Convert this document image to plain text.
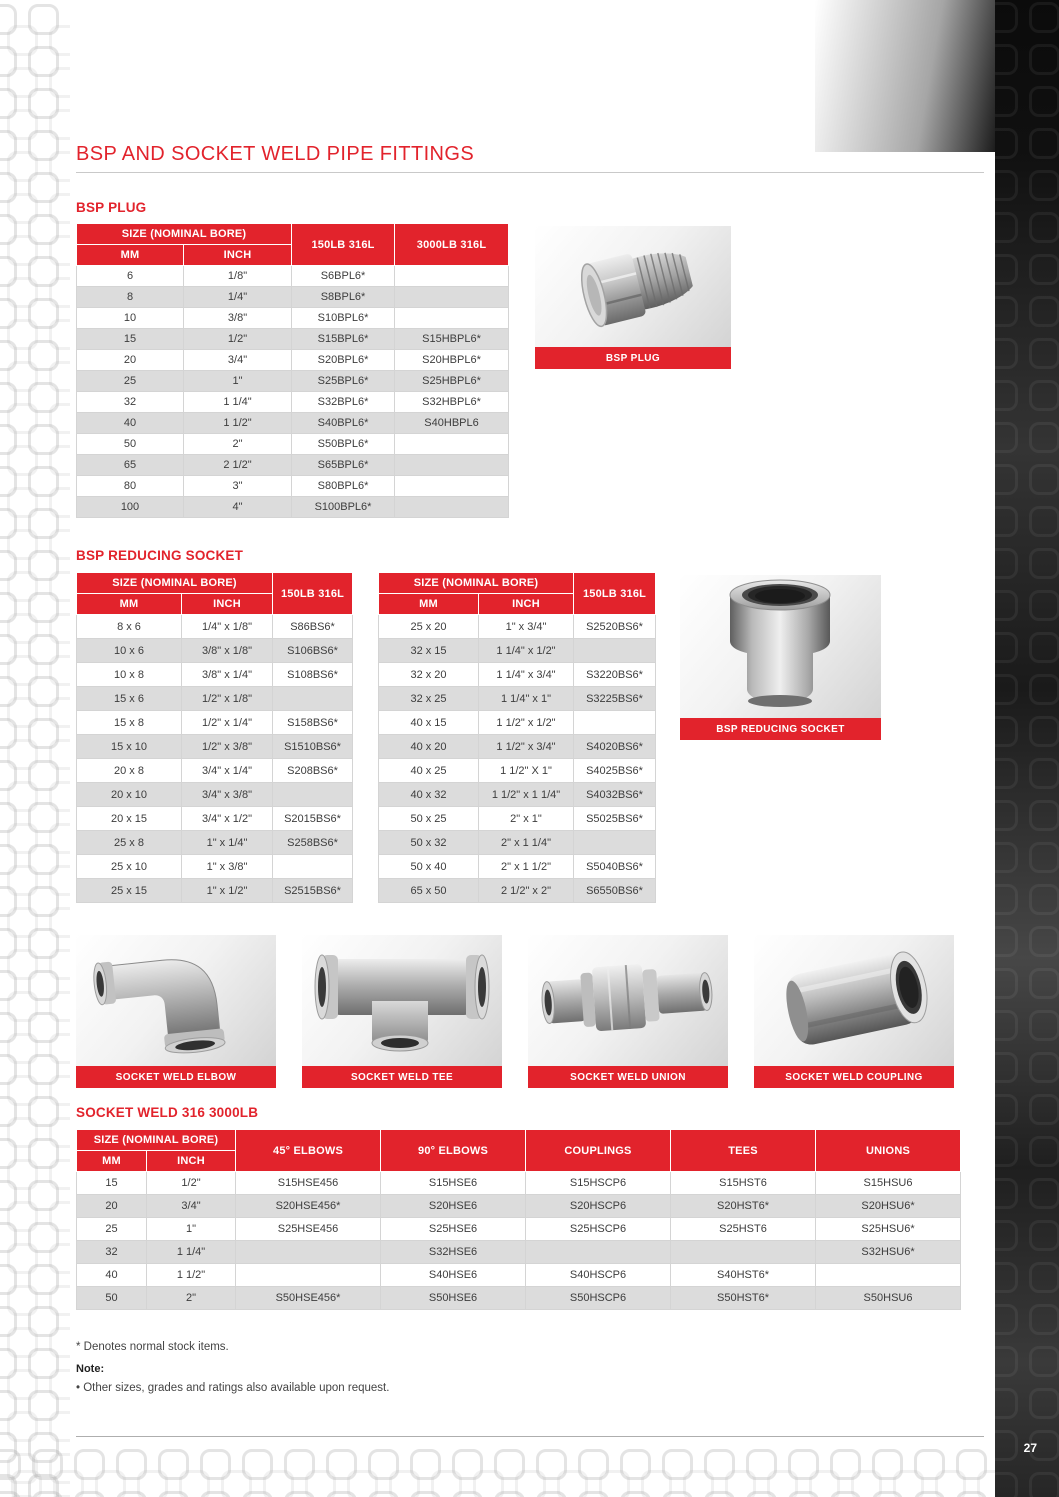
27
BSP AND SOCKET WELD PIPE FITTINGS
BSP PLUG
SIZE (NOMINAL BORE)		150LB 316L	3000LB 316L
MM	INCH		
6	1/8"	S6BPL6*	
8	1/4"	S8BPL6*	
10	3/8"	S10BPL6*	
15	1/2"	S15BPL6*	S15HBPL6*
20	3/4"	S20BPL6*	S20HBPL6*
25	1"	S25BPL6*	S25HBPL6*
32	1 1/4"	S32BPL6*	S32HBPL6*
40	1 1/2"	S40BPL6*	S40HBPL6
50	2"	S50BPL6*	
65	2 1/2"	S65BPL6*	
80	3"	S80BPL6*	
100	4"	S100BPL6*	
BSP PLUG
BSP REDUCING SOCKET
SIZE (NOMINAL BORE)		150LB 316L
MM	INCH	
8 x 6	1/4" x 1/8"	S86BS6*
10 x 6	3/8" x 1/8"	S106BS6*
10 x 8	3/8" x 1/4"	S108BS6*
15 x 6	1/2" x 1/8"	
15 x 8	1/2" x 1/4"	S158BS6*
15 x 10	1/2" x 3/8"	S1510BS6*
20 x 8	3/4" x 1/4"	S208BS6*
20 x 10	3/4" x 3/8"	
20 x 15	3/4" x 1/2"	S2015BS6*
25 x 8	1" x 1/4"	S258BS6*
25 x 10	1" x 3/8"	
25 x 15	1" x 1/2"	S2515BS6*
SIZE (NOMINAL BORE)		150LB 316L
MM	INCH	
25 x 20	1" x 3/4"	S2520BS6*
32 x 15	1 1/4" x 1/2"	
32 x 20	1 1/4" x 3/4"	S3220BS6*
32 x 25	1 1/4" x 1"	S3225BS6*
40 x 15	1 1/2" x 1/2"	
40 x 20	1 1/2" x 3/4"	S4020BS6*
40 x 25	1 1/2" X 1"	S4025BS6*
40 x 32	1 1/2" x 1 1/4"	S4032BS6*
50 x 25	2" x 1"	S5025BS6*
50 x 32	2" x 1 1/4"	
50 x 40	2" x 1 1/2"	S5040BS6*
65 x 50	2 1/2" x 2"	S6550BS6*
BSP REDUCING SOCKET
SOCKET WELD ELBOW	SOCKET WELD TEE	SOCKET WELD UNION	SOCKET WELD COUPLING
SOCKET WELD 316 3000LB
SIZE (NOMINAL BORE)		45° ELBOWS	90° ELBOWS	COUPLINGS	TEES	UNIONS
MM	INCH					
15	1/2"	S15HSE456	S15HSE6	S15HSCP6	S15HST6	S15HSU6
20	3/4"	S20HSE456*	S20HSE6	S20HSCP6	S20HST6*	S20HSU6*
25	1"	S25HSE456	S25HSE6	S25HSCP6	S25HST6	S25HSU6*
32	1 1/4"		S32HSE6			S32HSU6*
40	1 1/2"		S40HSE6	S40HSCP6	S40HST6*	
50	2"	S50HSE456*	S50HSE6	S50HSCP6	S50HST6*	S50HSU6
* Denotes normal stock items.
Note:
• Other sizes, grades and ratings also available upon request.
